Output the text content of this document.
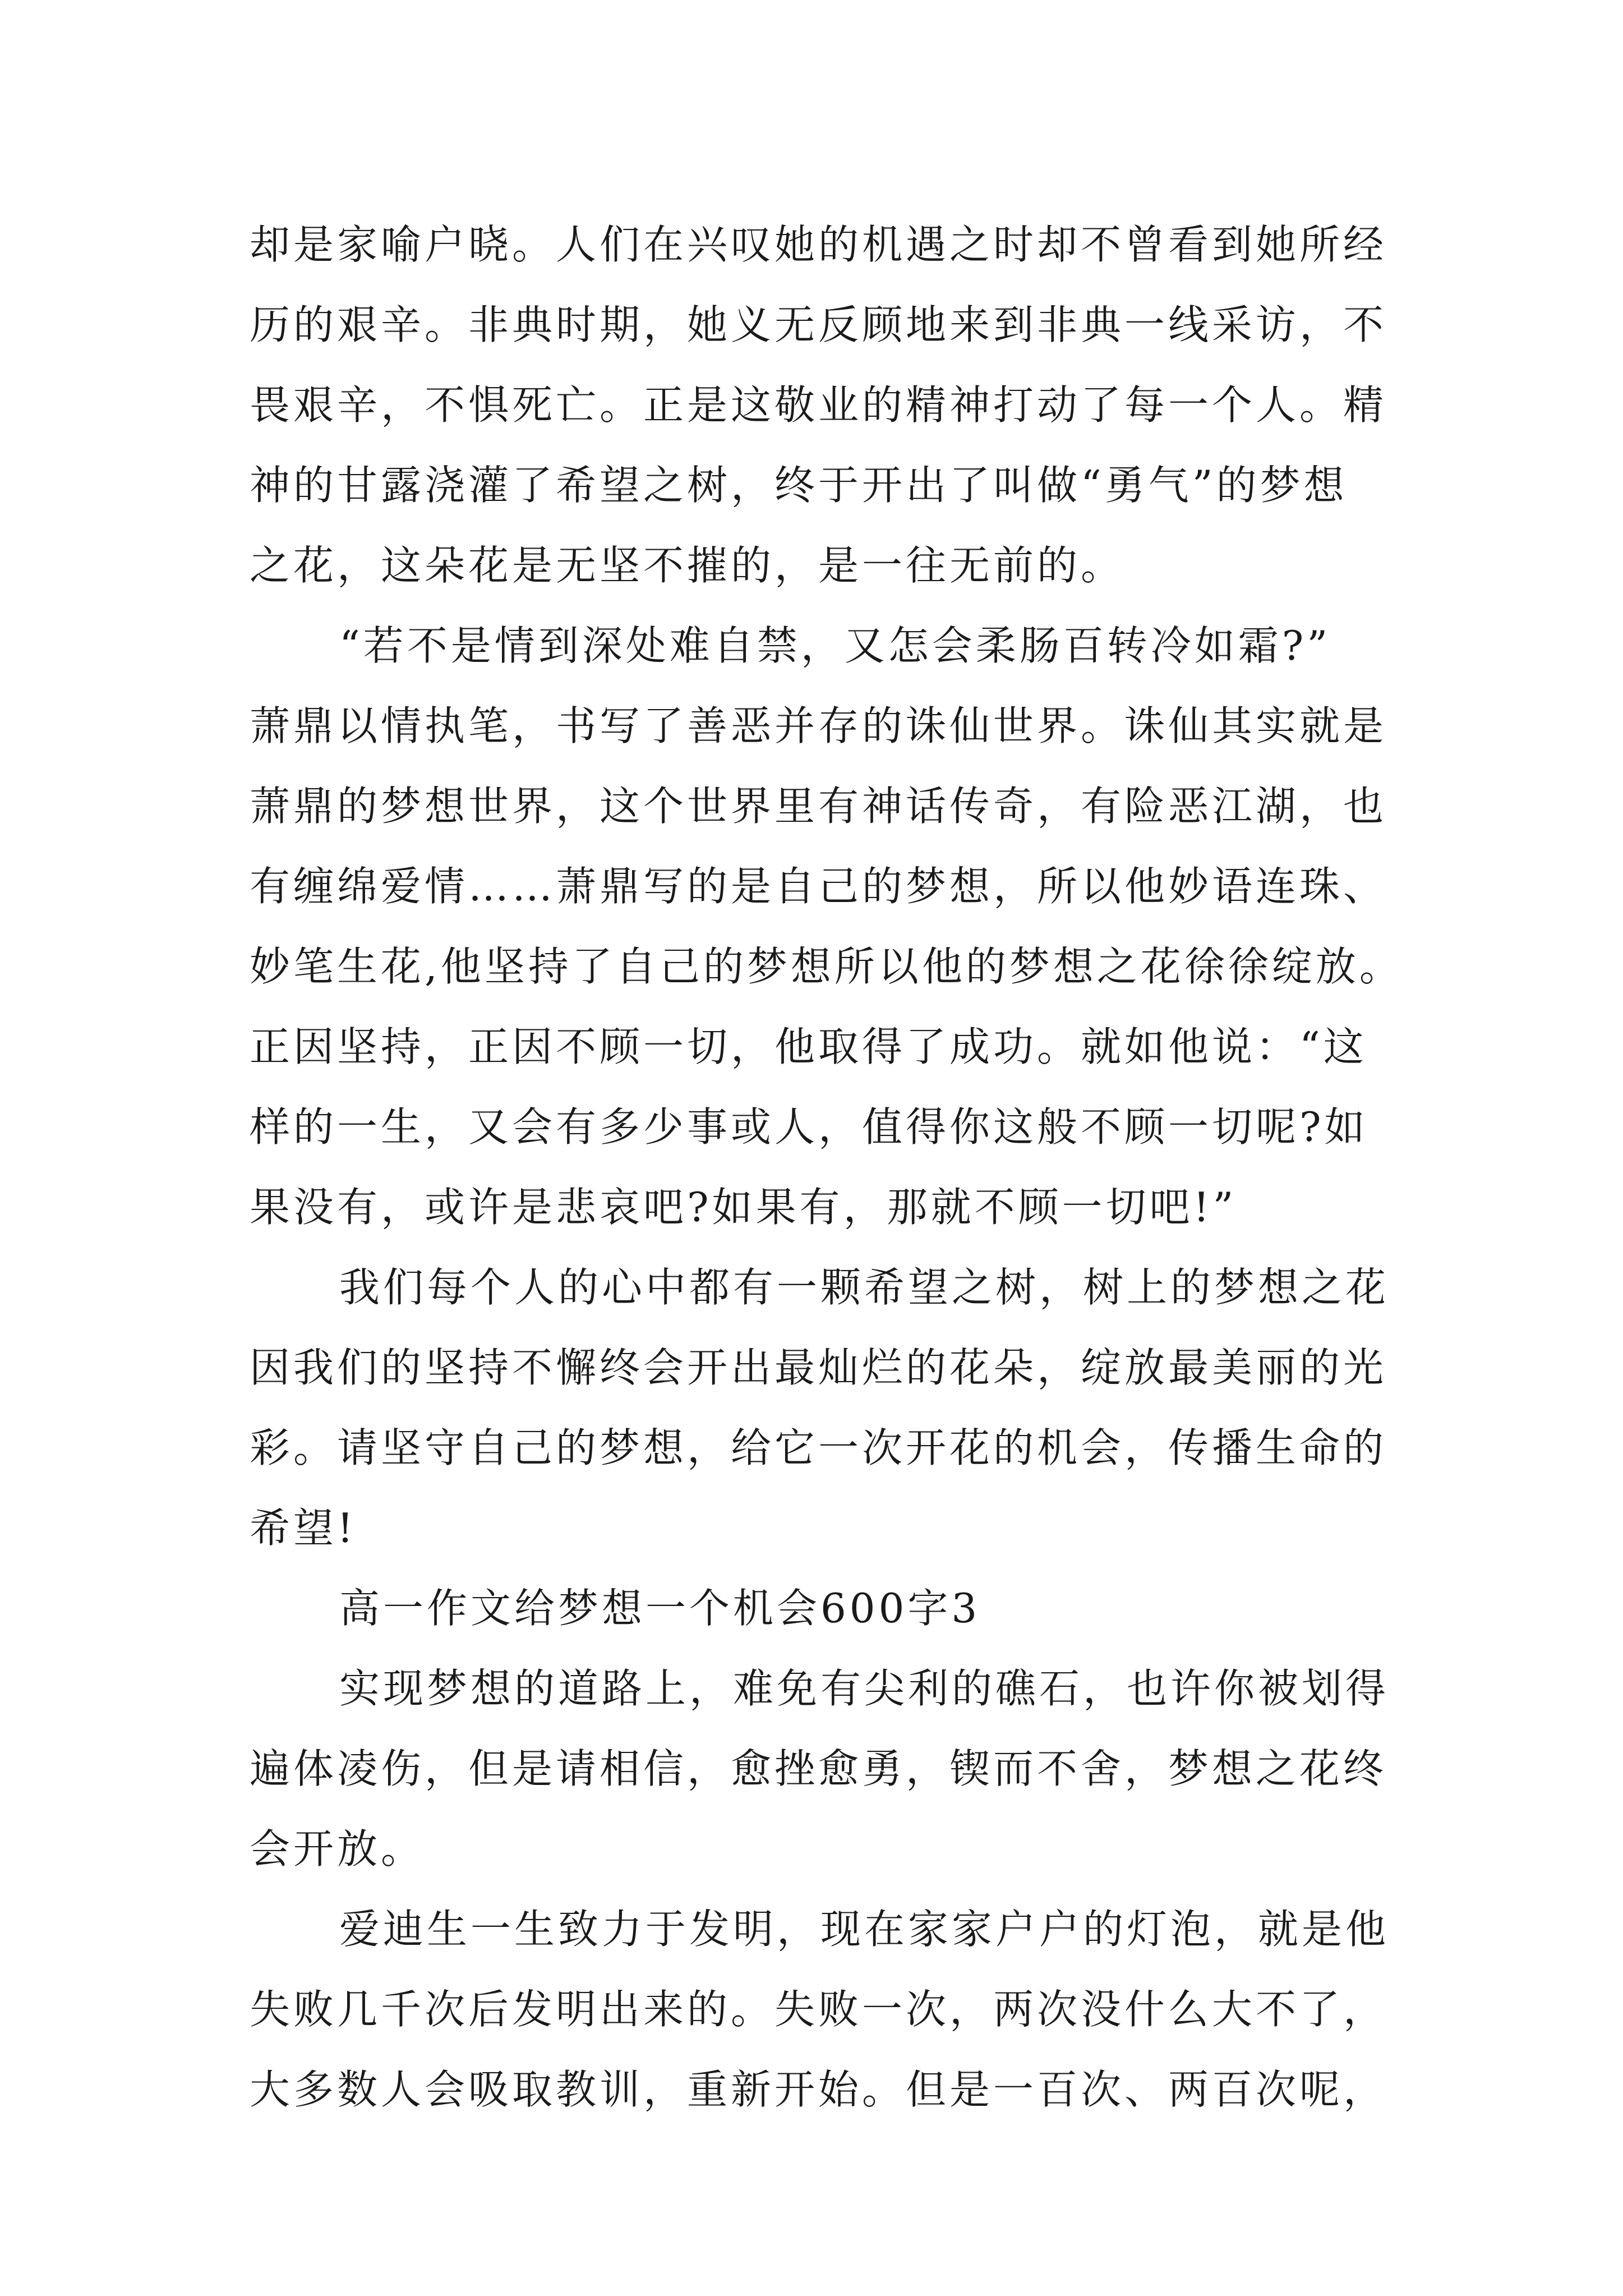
却是家喻户晓。人们在兴叹她的机遇之时却不曾看到她所经
历的艰辛。非典时期，她义无反顾地来到非典一线采访，不
畏艰辛，不惧死亡。正是这敬业的精神打动了每一个人。精
神的甘露浇灌了希望之树，终于开出了叫做“勇气”的梦想
之花，这朵花是无坚不摧的，是一往无前的。
“若不是情到深处难自禁，又怎会柔肠百转冷如霜?”
萧鼎以情执笔，书写了善恶并存的诛仙世界。诛仙其实就是
萧鼎的梦想世界，这个世界里有神话传奇，有险恶江湖，也
有缠绵爱情……萧鼎写的是自己的梦想，所以他妙语连珠、
妙笔生花,他坚持了自己的梦想所以他的梦想之花徐徐绽放。
正因坚持，正因不顾一切，他取得了成功。就如他说：“这
样的一生，又会有多少事或人，值得你这般不顾一切呢?如
果没有，或许是悲哀吧?如果有，那就不顾一切吧!”
我们每个人的心中都有一颗希望之树，树上的梦想之花
因我们的坚持不懈终会开出最灿烂的花朵，绽放最美丽的光
彩。请坚守自己的梦想，给它一次开花的机会，传播生命的
希望!
高一作文给梦想一个机会600字3
实现梦想的道路上，难免有尖利的礁石，也许你被划得
遍体凌伤，但是请相信，愈挫愈勇，锲而不舍，梦想之花终
会开放。
爱迪生一生致力于发明，现在家家户户的灯泡，就是他
失败几千次后发明出来的。失败一次，两次没什么大不了，
大多数人会吸取教训，重新开始。但是一百次、两百次呢，
